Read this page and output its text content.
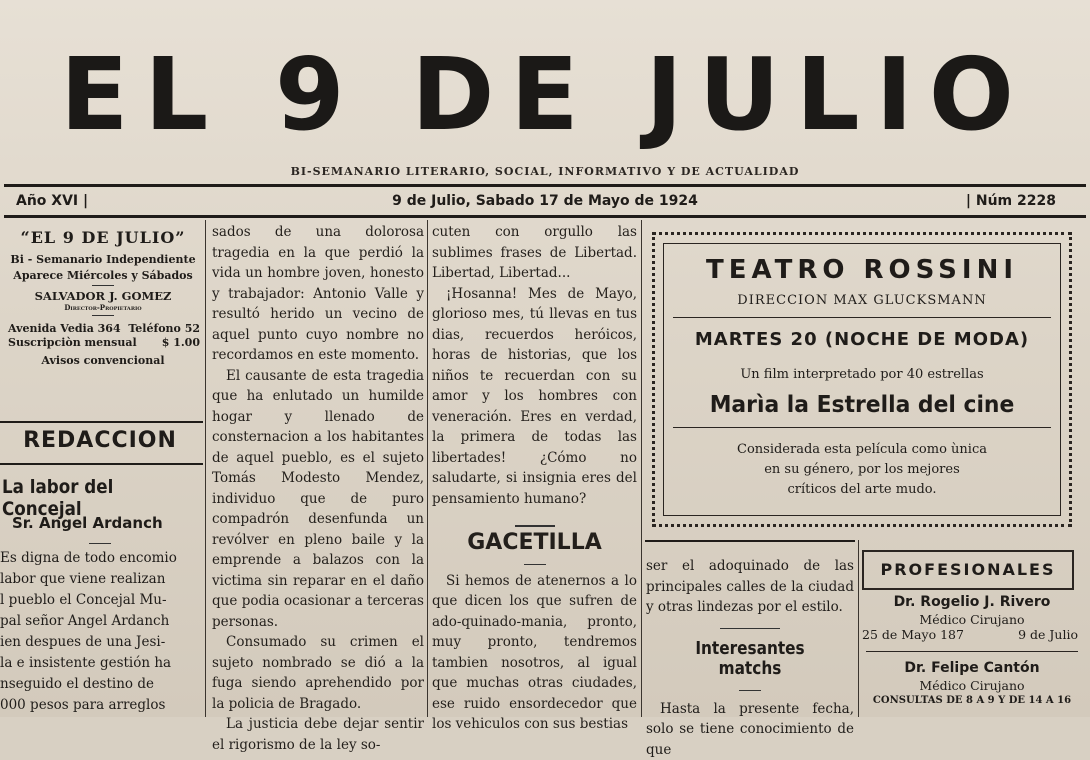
EL 9 DE JULIO
BI-SEMANARIO LITERARIO, SOCIAL, INFORMATIVO Y DE ACTUALIDAD
Año XVI |	9 de Julio, Sabado 17 de Mayo de 1924	| Núm 2228
“EL 9 DE JULIO”
Bi - Semanario Independiente
Aparece Miércoles y Sábados
SALVADOR J. GOMEZ
Director-Propietario
Avenida Vedia 364 Teléfono 52
Suscripciòn mensual $ 1.00
Avisos convencional
REDACCION
La labor del Concejal
Sr. Angel Ardanch
Es digna de todo encomio
labor que viene realizan
l pueblo el Concejal Mu-
pal señor Angel Ardanch
ien despues de una Jesi-
la e insistente gestión ha
nseguido el destino de
000 pesos para arreglos

sados de una dolorosa tragedia en la que perdió la vida un hombre joven, honesto y trabajador: Antonio Valle y resultó herido un vecino de aquel punto cuyo nombre no recordamos en este momento.

El causante de esta tragedia que ha enlutado un humilde hogar y llenado de consternacion a los habitantes de aquel pueblo, es el sujeto Tomás Modesto Mendez, individuo que de puro compadrón desenfunda un revólver en pleno baile y la emprende a balazos con la victima sin reparar en el daño que podia ocasionar a terceras personas.

Consumado su crimen el sujeto nombrado se dió a la fuga siendo aprehendido por la policia de Bragado.

La justicia debe dejar sentir el rigorismo de la ley so-

cuten con orgullo las sublimes frases de Libertad. Libertad, Libertad...

¡Hosanna! Mes de Mayo, glorioso mes, tú llevas en tus dias, recuerdos heróicos, horas de historias, que los niños te recuerdan con su amor y los hombres con veneración. Eres en verdad, la primera de todas las libertades! ¿Cómo no saludarte, si insignia eres del pensamiento humano?

GACETILLA

Si hemos de atenernos a lo que dicen los que sufren de ado-quinado-mania, pronto, muy pronto, tendremos tambien nosotros, al igual que muchas otras ciudades, ese ruido ensordecedor que los vehiculos con sus bestias

TEATRO ROSSINI
DIRECCION MAX GLUCKSMANN
MARTES 20 (NOCHE DE MODA)
Un film interpretado por 40 estrellas
Marìa la Estrella del cine
Considerada esta película como ùnica
en su género, por los mejores
críticos del arte mudo.

ser el adoquinado de las principales calles de la ciudad y otras lindezas por el estilo.

Interesantes matchs

Hasta la presente fecha, solo se tiene conocimiento de que

PROFESIONALES
Dr. Rogelio J. Rivero
Médico Cirujano
25 de Mayo 187	9 de Julio
Dr. Felipe Cantón
Médico Cirujano
CONSULTAS DE 8 A 9 Y DE 14 A 16
